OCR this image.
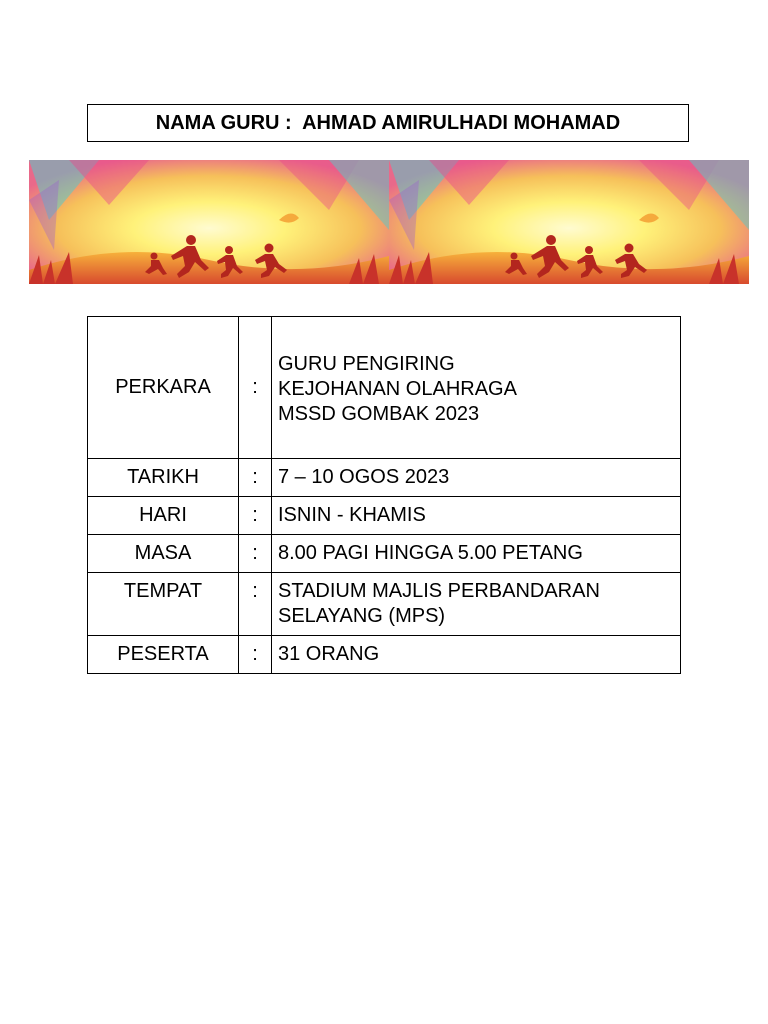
NAMA GURU :  AHMAD AMIRULHADI MOHAMAD
PERKARA	:	GURU PENGIRING
KEJOHANAN OLAHRAGA
MSSD GOMBAK 2023

TARIKH	:	7 – 10 OGOS 2023
HARI	:	ISNIN - KHAMIS
MASA	:	8.00 PAGI HINGGA 5.00 PETANG
TEMPAT	:	STADIUM MAJLIS PERBANDARAN
SELAYANG (MPS)

PESERTA	:	31 ORANG
